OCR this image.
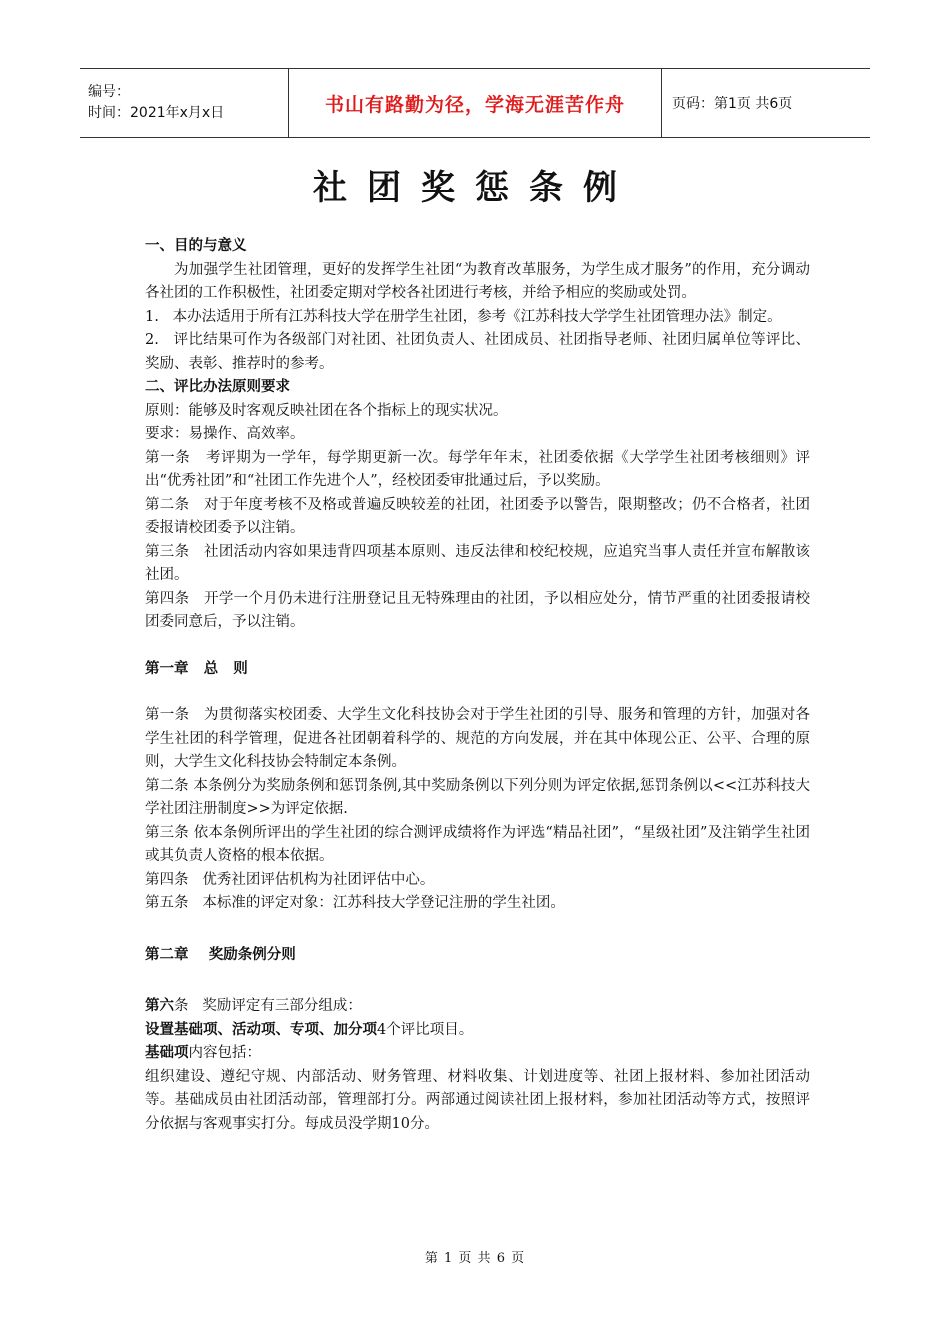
编号：
时间：2021年x月x日	书山有路勤为径，学海无涯苦作舟	页码：第1页 共6页
社团奖惩条例

一、目的与意义

为加强学生社团管理，更好的发挥学生社团“为教育改革服务，为学生成才服务”的作用，充分调动各社团的工作积极性，社团委定期对学校各社团进行考核，并给予相应的奖励或处罚。

1.   本办法适用于所有江苏科技大学在册学生社团，参考《江苏科技大学学生社团管理办法》制定。

2.   评比结果可作为各级部门对社团、社团负责人、社团成员、社团指导老师、社团归属单位等评比、奖励、表彰、推荐时的参考。

二、评比办法原则要求

原则：能够及时客观反映社团在各个指标上的现实状况。

要求：易操作、高效率。

第一条   考评期为一学年，每学期更新一次。每学年年末，社团委依据《大学学生社团考核细则》评出“优秀社团”和“社团工作先进个人”，经校团委审批通过后，予以奖励。

第二条   对于年度考核不及格或普遍反映较差的社团，社团委予以警告，限期整改；仍不合格者，社团委报请校团委予以注销。

第三条   社团活动内容如果违背四项基本原则、违反法律和校纪校规，应追究当事人责任并宣布解散该社团。

第四条   开学一个月仍未进行注册登记且无特殊理由的社团，予以相应处分，情节严重的社团委报请校团委同意后，予以注销。

第一章   总   则

第一条   为贯彻落实校团委、大学生文化科技协会对于学生社团的引导、服务和管理的方针，加强对各学生社团的科学管理，促进各社团朝着科学的、规范的方向发展，并在其中体现公正、公平、合理的原则，大学生文化科技协会特制定本条例。

第二条 本条例分为奖励条例和惩罚条例,其中奖励条例以下列分则为评定依据,惩罚条例以<<江苏科技大学社团注册制度>>为评定依据.

第三条 依本条例所评出的学生社团的综合测评成绩将作为评选“精品社团”，“星级社团”及注销学生社团或其负责人资格的根本依据。

第四条   优秀社团评估机构为社团评估中心。

第五条   本标准的评定对象：江苏科技大学登记注册的学生社团。

第二章    奖励条例分则

第六条   奖励评定有三部分组成：

设置基础项、活动项、专项、加分项4个评比项目。

基础项内容包括：

组织建设、遵纪守规、内部活动、财务管理、材料收集、计划进度等、社团上报材料、参加社团活动等。基础成员由社团活动部，管理部打分。两部通过阅读社团上报材料，参加社团活动等方式，按照评分依据与客观事实打分。每成员没学期10分。

第 1 页 共 6 页
